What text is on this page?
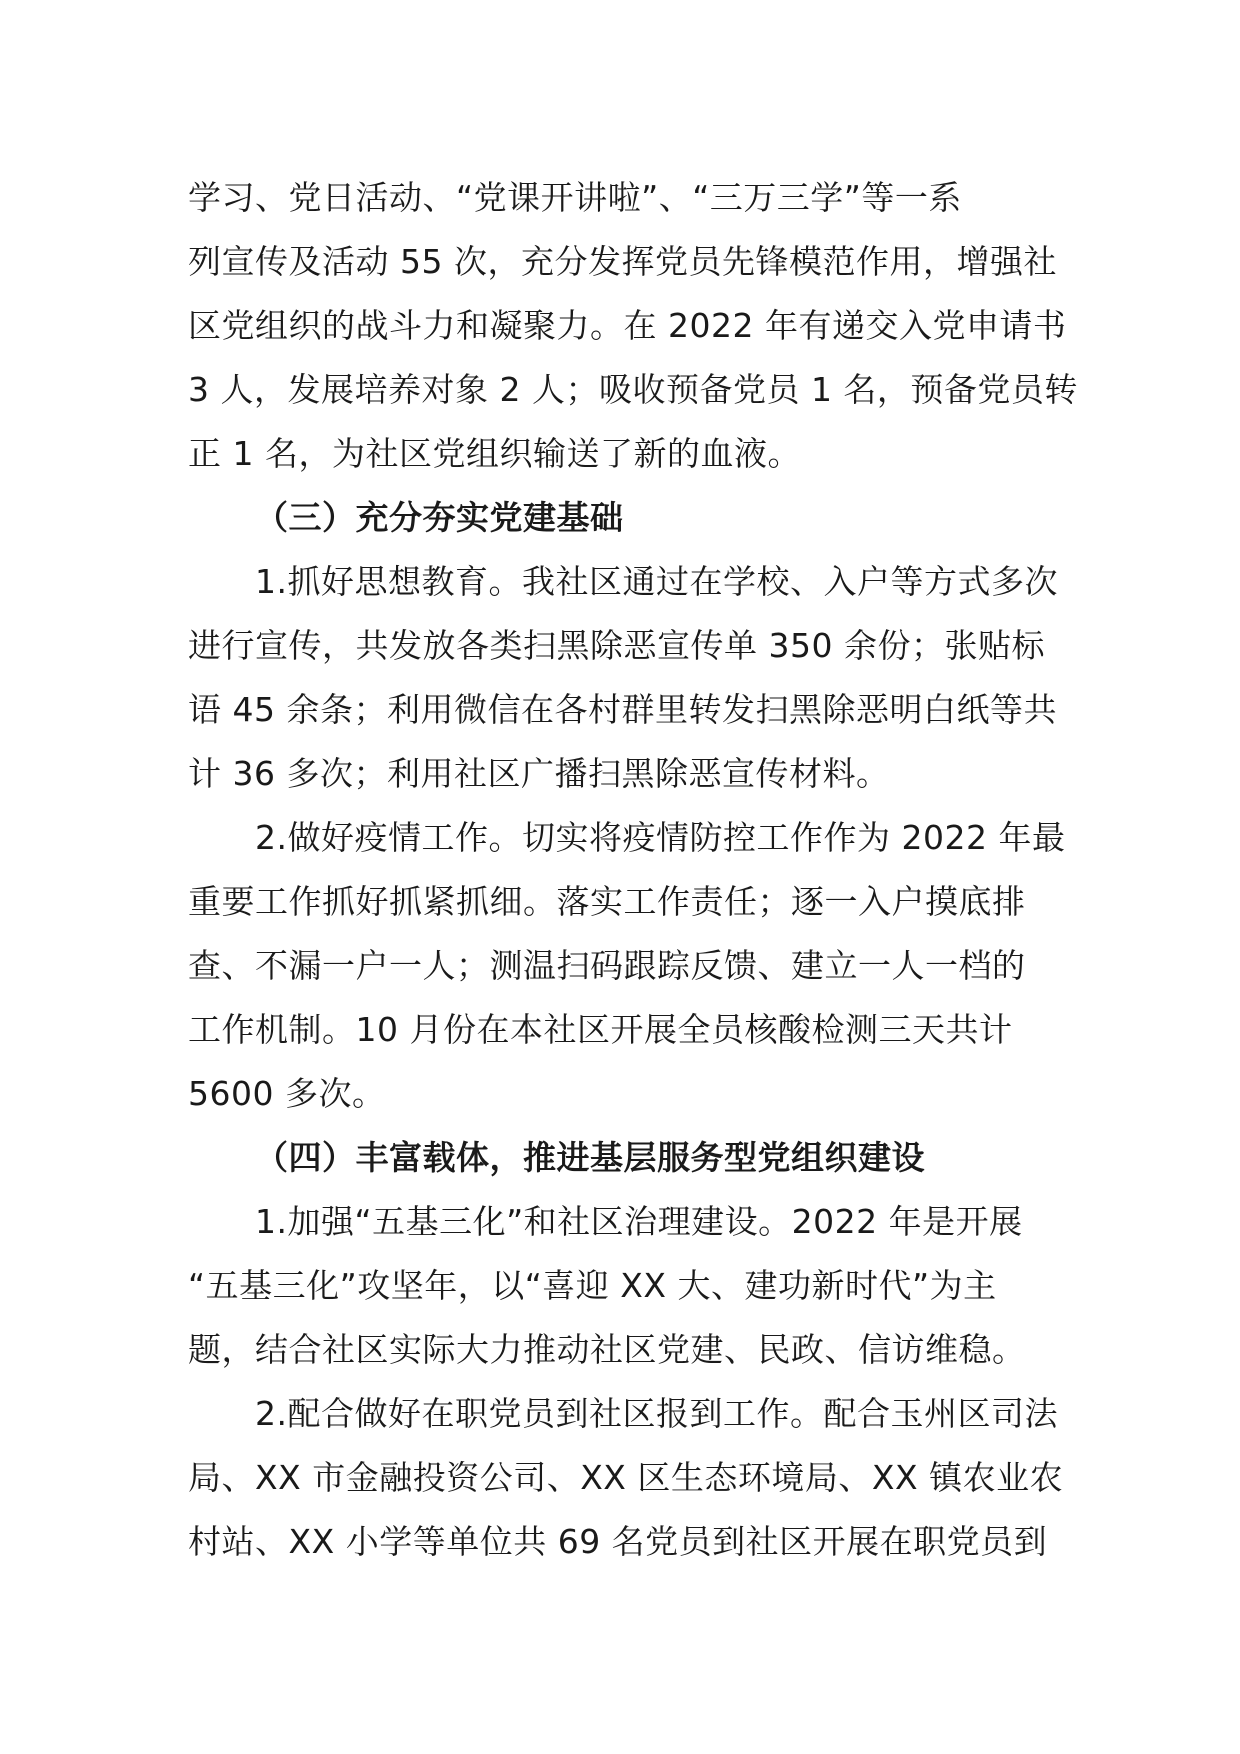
学习、党日活动、“党课开讲啦”、“三万三学”等一系
列宣传及活动 55 次，充分发挥党员先锋模范作用，增强社
区党组织的战斗力和凝聚力。在 2022 年有递交入党申请书
3 人，发展培养对象 2 人；吸收预备党员 1 名，预备党员转
正 1 名，为社区党组织输送了新的血液。
（三）充分夯实党建基础
1.抓好思想教育。我社区通过在学校、入户等方式多次
进行宣传，共发放各类扫黑除恶宣传单 350 余份；张贴标
语 45 余条；利用微信在各村群里转发扫黑除恶明白纸等共
计 36 多次；利用社区广播扫黑除恶宣传材料。
2.做好疫情工作。切实将疫情防控工作作为 2022 年最
重要工作抓好抓紧抓细。落实工作责任；逐一入户摸底排
查、不漏一户一人；测温扫码跟踪反馈、建立一人一档的
工作机制。10 月份在本社区开展全员核酸检测三天共计
5600 多次。
（四）丰富载体，推进基层服务型党组织建设
1.加强“五基三化”和社区治理建设。2022 年是开展
“五基三化”攻坚年，以“喜迎 XX 大、建功新时代”为主
题，结合社区实际大力推动社区党建、民政、信访维稳。
2.配合做好在职党员到社区报到工作。配合玉州区司法
局、XX 市金融投资公司、XX 区生态环境局、XX 镇农业农
村站、XX 小学等单位共 69 名党员到社区开展在职党员到
